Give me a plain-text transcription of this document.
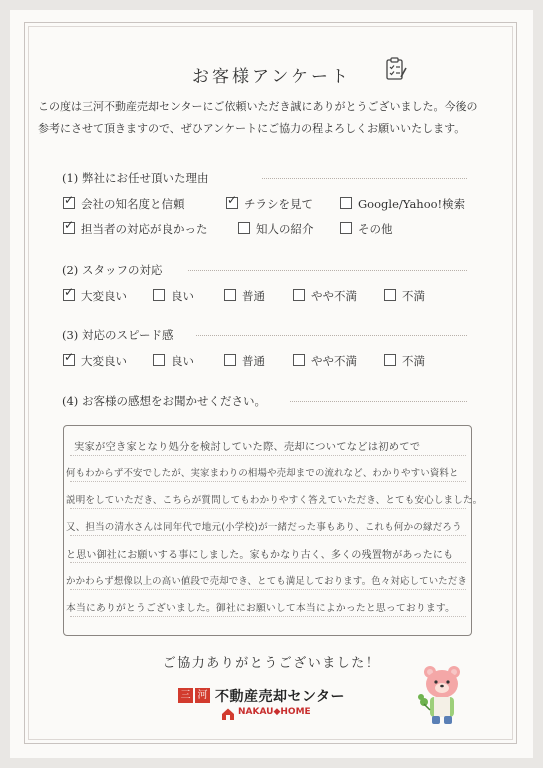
お客様アンケート
この度は三河不動産売却センターにご依頼いただき誠にありがとうございました。今後の
参考にさせて頂きますので、ぜひアンケートにご協力の程よろしくお願いいたします。
(1) 弊社にお任せ頂いた理由
✓会社の知名度と信頼
✓	チラシを見て	Google/Yahoo!検索
✓担当者の対応が良かった	知人の紹介	その他
(2) スタッフの対応
✓大変良い	良い	普通	やや不満	不満
(3) 対応のスピード感
✓大変良い	良い	普通	やや不満	不満
(4) お客様の感想をお聞かせください。
実家が空き家となり処分を検討していた際、売却についてなどは初めてで
何もわからず不安でしたが、実家まわりの相場や売却までの流れなど、わかりやすい資料と
説明をしていただき、こちらが質問してもわかりやすく答えていただき、とても安心しました。
又、担当の清水さんは同年代で地元(小学校)が一緒だった事もあり、これも何かの縁だろう
と思い御社にお願いする事にしました。家もかなり古く、多くの残置物があったにも
かかわらず想像以上の高い値段で売却でき、とても満足しております。色々対応していただき
本当にありがとうございました。御社にお願いして本当によかったと思っております。
ご協力ありがとうございました！
三 河 不動産売却センター
NAKAU◆HOME
